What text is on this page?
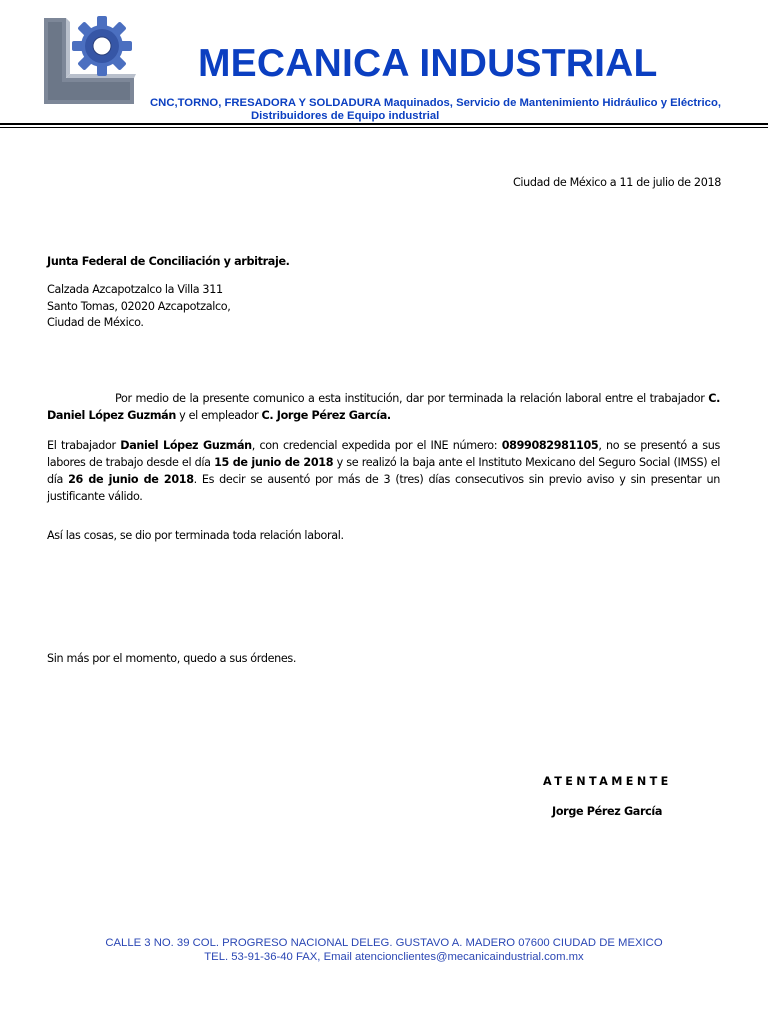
MECANICA INDUSTRIAL
CNC,TORNO, FRESADORA Y SOLDADURA Maquinados, Servicio de Mantenimiento Hidráulico y Eléctrico,
Distribuidores de Equipo industrial
Ciudad de México a 11 de julio de 2018
Junta Federal de Conciliación y arbitraje.
Calzada Azcapotzalco la Villa 311
Santo Tomas, 02020 Azcapotzalco,
Ciudad de México.
Por medio de la presente comunico a esta institución, dar por terminada la relación laboral entre el trabajador C. Daniel López Guzmán y el empleador C. Jorge Pérez García.
El trabajador Daniel López Guzmán, con credencial expedida por el INE número: 0899082981105, no se presentó a sus labores de trabajo desde el día 15 de junio de 2018 y se realizó la baja ante el Instituto Mexicano del Seguro Social (IMSS) el día 26 de junio de 2018. Es decir se ausentó por más de 3 (tres) días consecutivos sin previo aviso y sin presentar un justificante válido.
Así las cosas, se dio por terminada toda relación laboral.
Sin más por el momento, quedo a sus órdenes.
ATENTAMENTE
Jorge Pérez García
CALLE 3 NO. 39 COL. PROGRESO NACIONAL DELEG. GUSTAVO A. MADERO 07600 CIUDAD DE MEXICO
TEL. 53-91-36-40 FAX, Email atencionclientes@mecanicaindustrial.com.mx
